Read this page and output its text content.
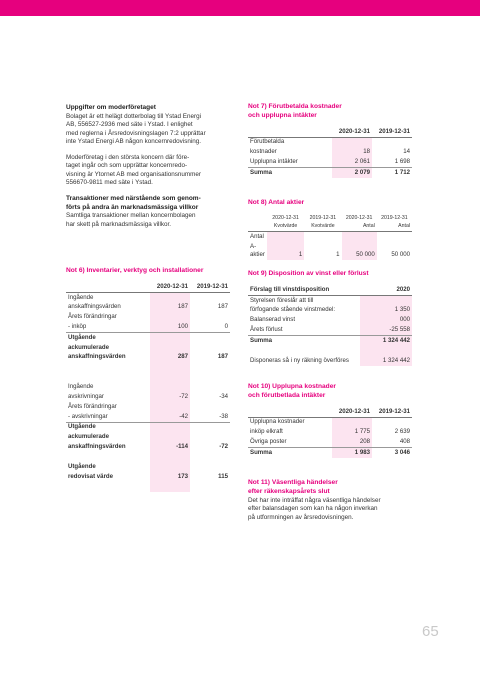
Uppgifter om moderföretaget

Bolaget är ett helägt dotterbolag till Ystad Energi

AB, 556527-2936 med säte i Ystad. I enlighet

med reglerna i Årsredovisningslagen 7:2 upprättar

inte Ystad Energi AB någon koncernredovisning.

Moderföretag i den största koncern där före-

taget ingår och som upprättar koncernredo-

visning är Ytornet AB med organisationsnummer

556670-9811 med säte i Ystad.

Transaktioner med närstående som genom-

förts på andra än marknadsmässiga villkor

Samtliga transaktioner mellan koncernbolagen

har skett på marknadsmässiga villkor.

Not 6) Inventarier, verktyg och installationer

	2020-12-31	2019-12-31
Ingående		
anskaffningsvärden	187	187
Årets förändringar		
- inköp	100	0
Utgående		
ackumulerade		
anskaffningsvärden	287	187

Ingående		
avskrivningar	-72	-34
Årets förändringar		
- avskrivningar	-42	-38
Utgående		
ackumulerade		
anskaffningsvärden	-114	-72

Utgående		
redovisat värde	173	115

Not 7) Förutbetalda kostnader

och upplupna intäkter

	2020-12-31	2019-12-31
Förutbetalda		
kostnader	18	14
Upplupna intäkter	2 061	1 698
Summa	2 079	1 712

Not 8) Antal aktier

	2020-12-31	2019-12-31	2020-12-31	2019-12-31
	Kvotvärde	Kvotvärde	Antal	Antal
Antal				
A-aktier	1	1	50 000	50 000

Not 9) Disposition av vinst eller förlust

Förslag till vinstdisposition	2020
Styrelsen föreslår att till	
förfogande stående vinstmedel:	1 350
Balanserad vinst	000
Årets förlust	-25 558
Summa	1 324 442

Disponeras så i ny räkning överföres	1 324 442

Not 10) Upplupna kostnader

och förutbetlada intäkter

	2020-12-31	2019-12-31
Upplupna kostnader		
inköp elkraft	1 775	2 639
Övriga poster	208	408
Summa	1 983	3 046

Not 11) Väsentliga händelser

efter räkenskapsårets slut

Det har inte inträffat några väsentliga händelser

efter balansdagen som kan ha någon inverkan

på utformningen av årsredovisningen.

65
